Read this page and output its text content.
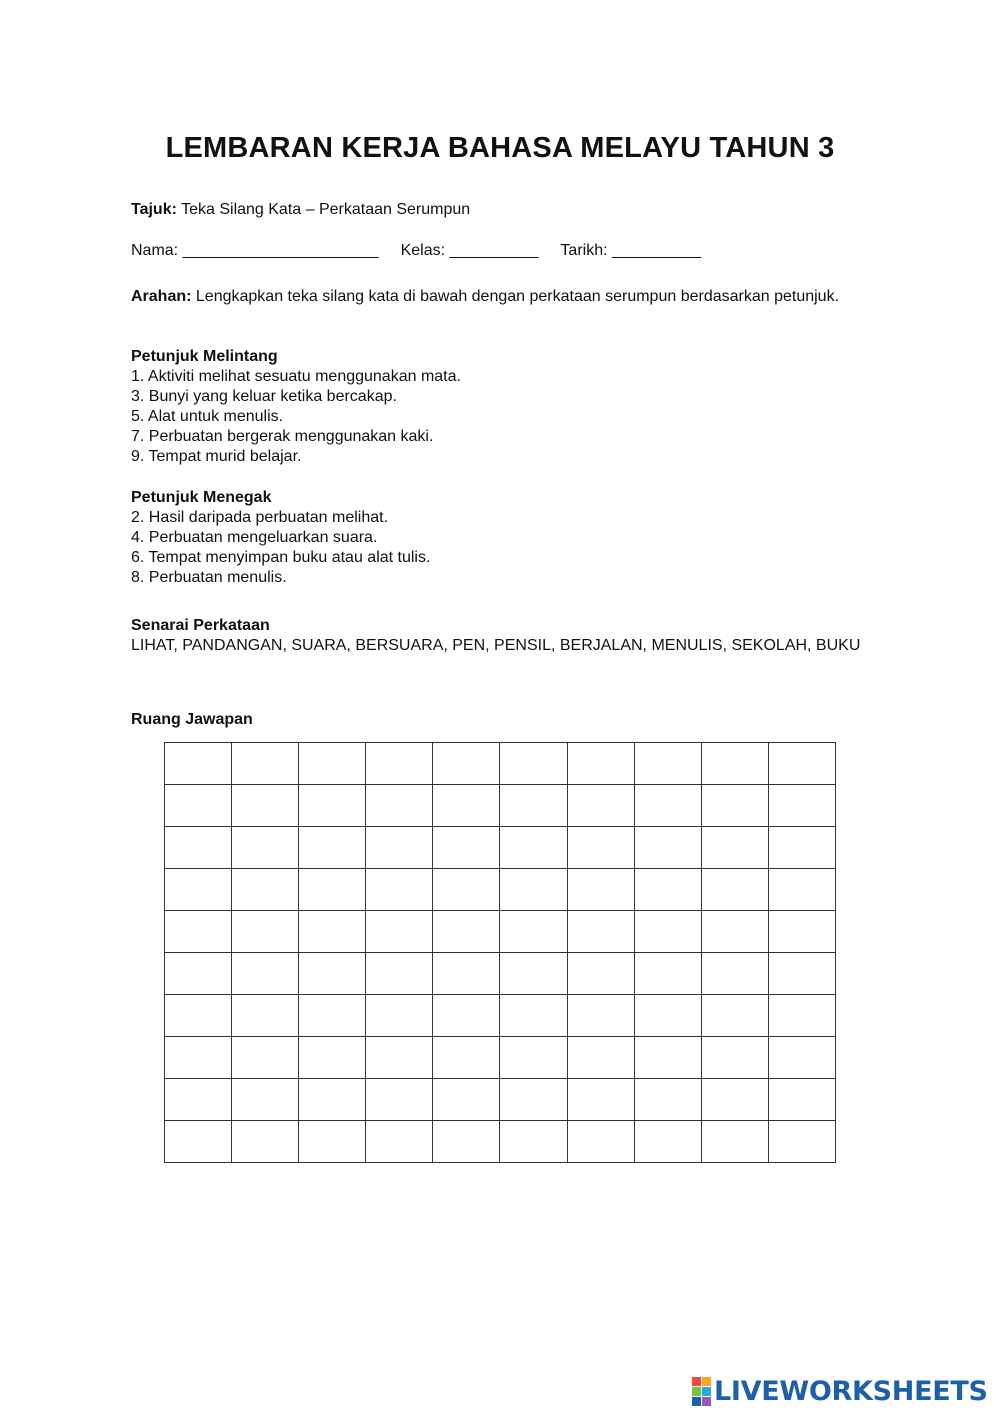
LEMBARAN KERJA BAHASA MELAYU TAHUN 3
Tajuk: Teka Silang Kata – Perkataan Serumpun
Nama: ______________________ Kelas: __________ Tarikh: __________
Arahan: Lengkapkan teka silang kata di bawah dengan perkataan serumpun berdasarkan petunjuk.
Petunjuk Melintang
1. Aktiviti melihat sesuatu menggunakan mata.
3. Bunyi yang keluar ketika bercakap.
5. Alat untuk menulis.
7. Perbuatan bergerak menggunakan kaki.
9. Tempat murid belajar.
Petunjuk Menegak
2. Hasil daripada perbuatan melihat.
4. Perbuatan mengeluarkan suara.
6. Tempat menyimpan buku atau alat tulis.
8. Perbuatan menulis.
Senarai Perkataan
LIHAT, PANDANGAN, SUARA, BERSUARA, PEN, PENSIL, BERJALAN, MENULIS, SEKOLAH, BUKU
Ruang Jawapan

LIVEWORKSHEETS
